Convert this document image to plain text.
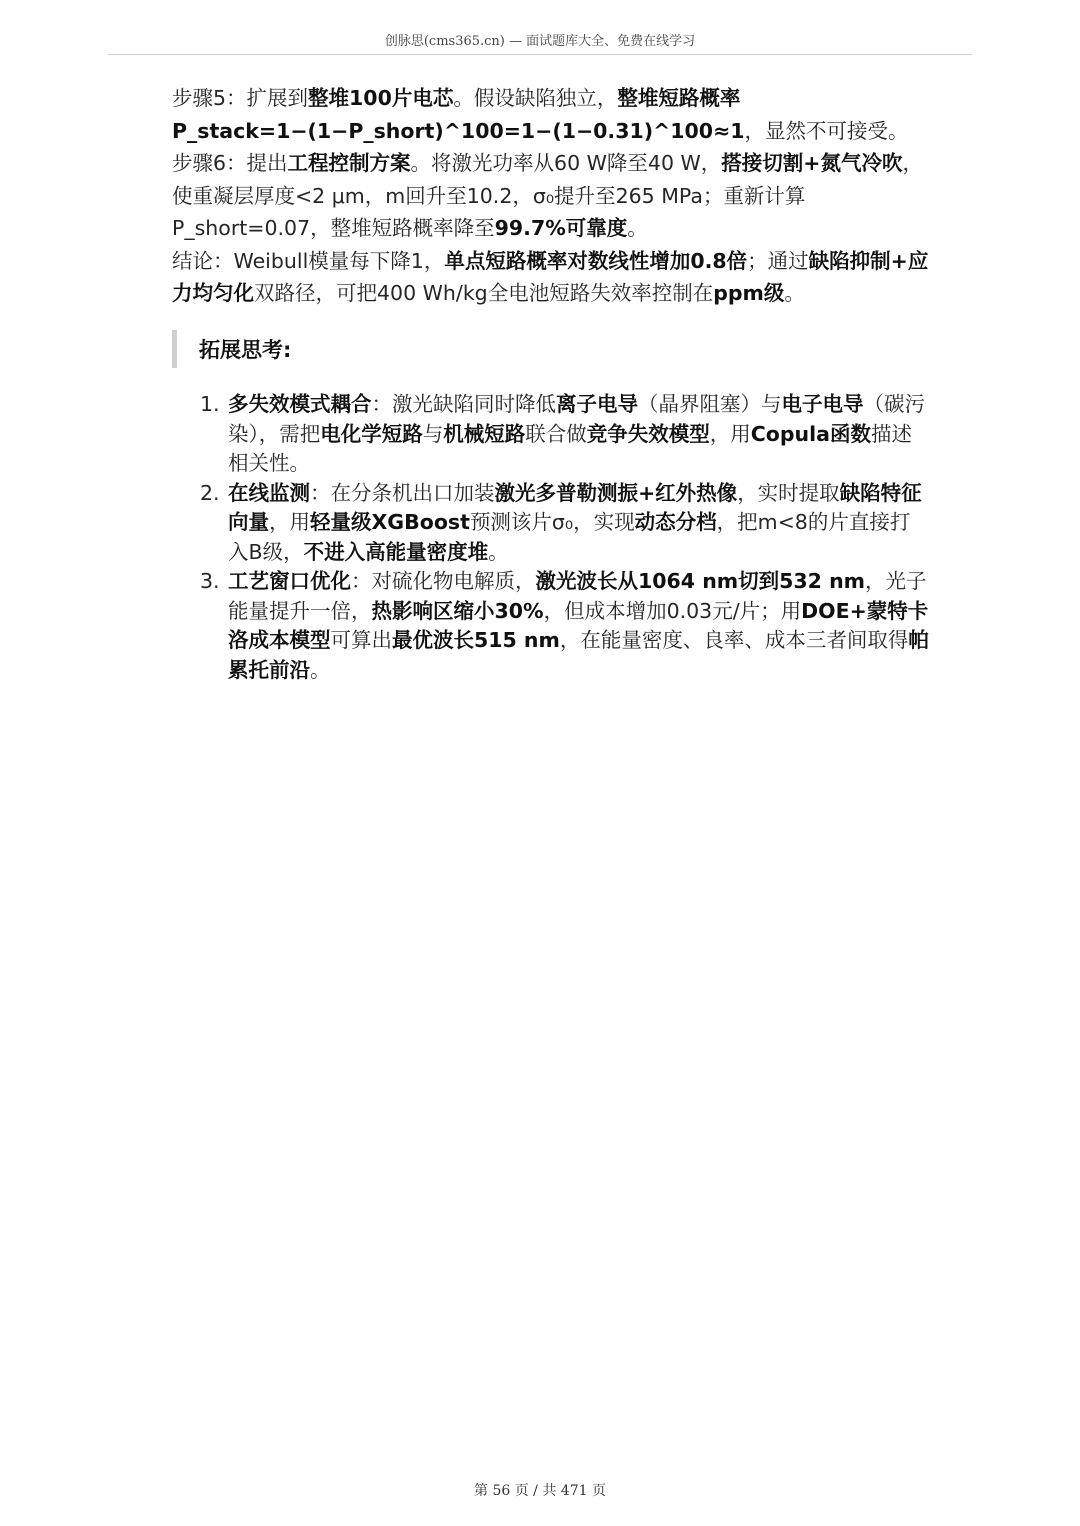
创脉思(cms365.cn) — 面试题库大全、免费在线学习

步骤5：扩展到整堆100片电芯。假设缺陷独立，整堆短路概率P_stack=1−(1−P_short)^100=1−(1−0.31)^100≈1，显然不可接受。

步骤6：提出工程控制方案。将激光功率从60 W降至40 W，搭接切割+氮气冷吹，使重凝层厚度<2 μm，m回升至10.2，σ₀提升至265 MPa；重新计算P_short=0.07，整堆短路概率降至99.7%可靠度。

结论：Weibull模量每下降1，单点短路概率对数线性增加0.8倍；通过缺陷抑制+应力均匀化双路径，可把400 Wh/kg全电池短路失效率控制在ppm级。

拓展思考:
1. 多失效模式耦合：激光缺陷同时降低离子电导（晶界阻塞）与电子电导（碳污染），需把电化学短路与机械短路联合做竞争失效模型，用Copula函数描述相关性。
2. 在线监测：在分条机出口加装激光多普勒测振+红外热像，实时提取缺陷特征向量，用轻量级XGBoost预测该片σ₀，实现动态分档，把m<8的片直接打入B级，不进入高能量密度堆。
3. 工艺窗口优化：对硫化物电解质，激光波长从1064 nm切到532 nm，光子能量提升一倍，热影响区缩小30%，但成本增加0.03元/片；用DOE+蒙特卡洛成本模型可算出最优波长515 nm，在能量密度、良率、成本三者间取得帕累托前沿。
第 56 页 / 共 471 页
